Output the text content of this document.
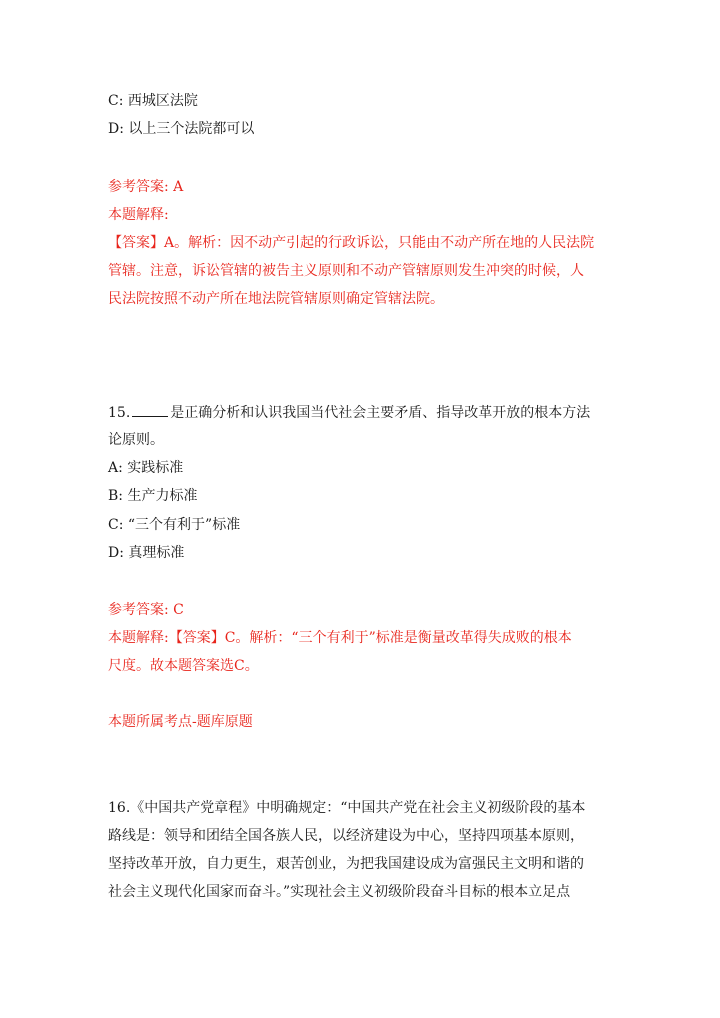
C: 西城区法院
D: 以上三个法院都可以
参考答案: A
本题解释:
【答案】A。解析：因不动产引起的行政诉讼，只能由不动产所在地的人民法院
管辖。注意，诉讼管辖的被告主义原则和不动产管辖原则发生冲突的时候，人
民法院按照不动产所在地法院管辖原则确定管辖法院。
15.	是正确分析和认识我国当代社会主要矛盾、指导改革开放的根本方法
论原则。
A: 实践标准
B: 生产力标准
C: “三个有利于”标准
D: 真理标准
参考答案: C
本题解释:【答案】C。解析：“三个有利于”标准是衡量改革得失成败的根本
尺度。故本题答案选C。
本题所属考点-题库原题
16.《中国共产党章程》中明确规定：“中国共产党在社会主义初级阶段的基本
路线是：领导和团结全国各族人民，以经济建设为中心，坚持四项基本原则，
坚持改革开放，自力更生，艰苦创业，为把我国建设成为富强民主文明和谐的
社会主义现代化国家而奋斗。”实现社会主义初级阶段奋斗目标的根本立足点
